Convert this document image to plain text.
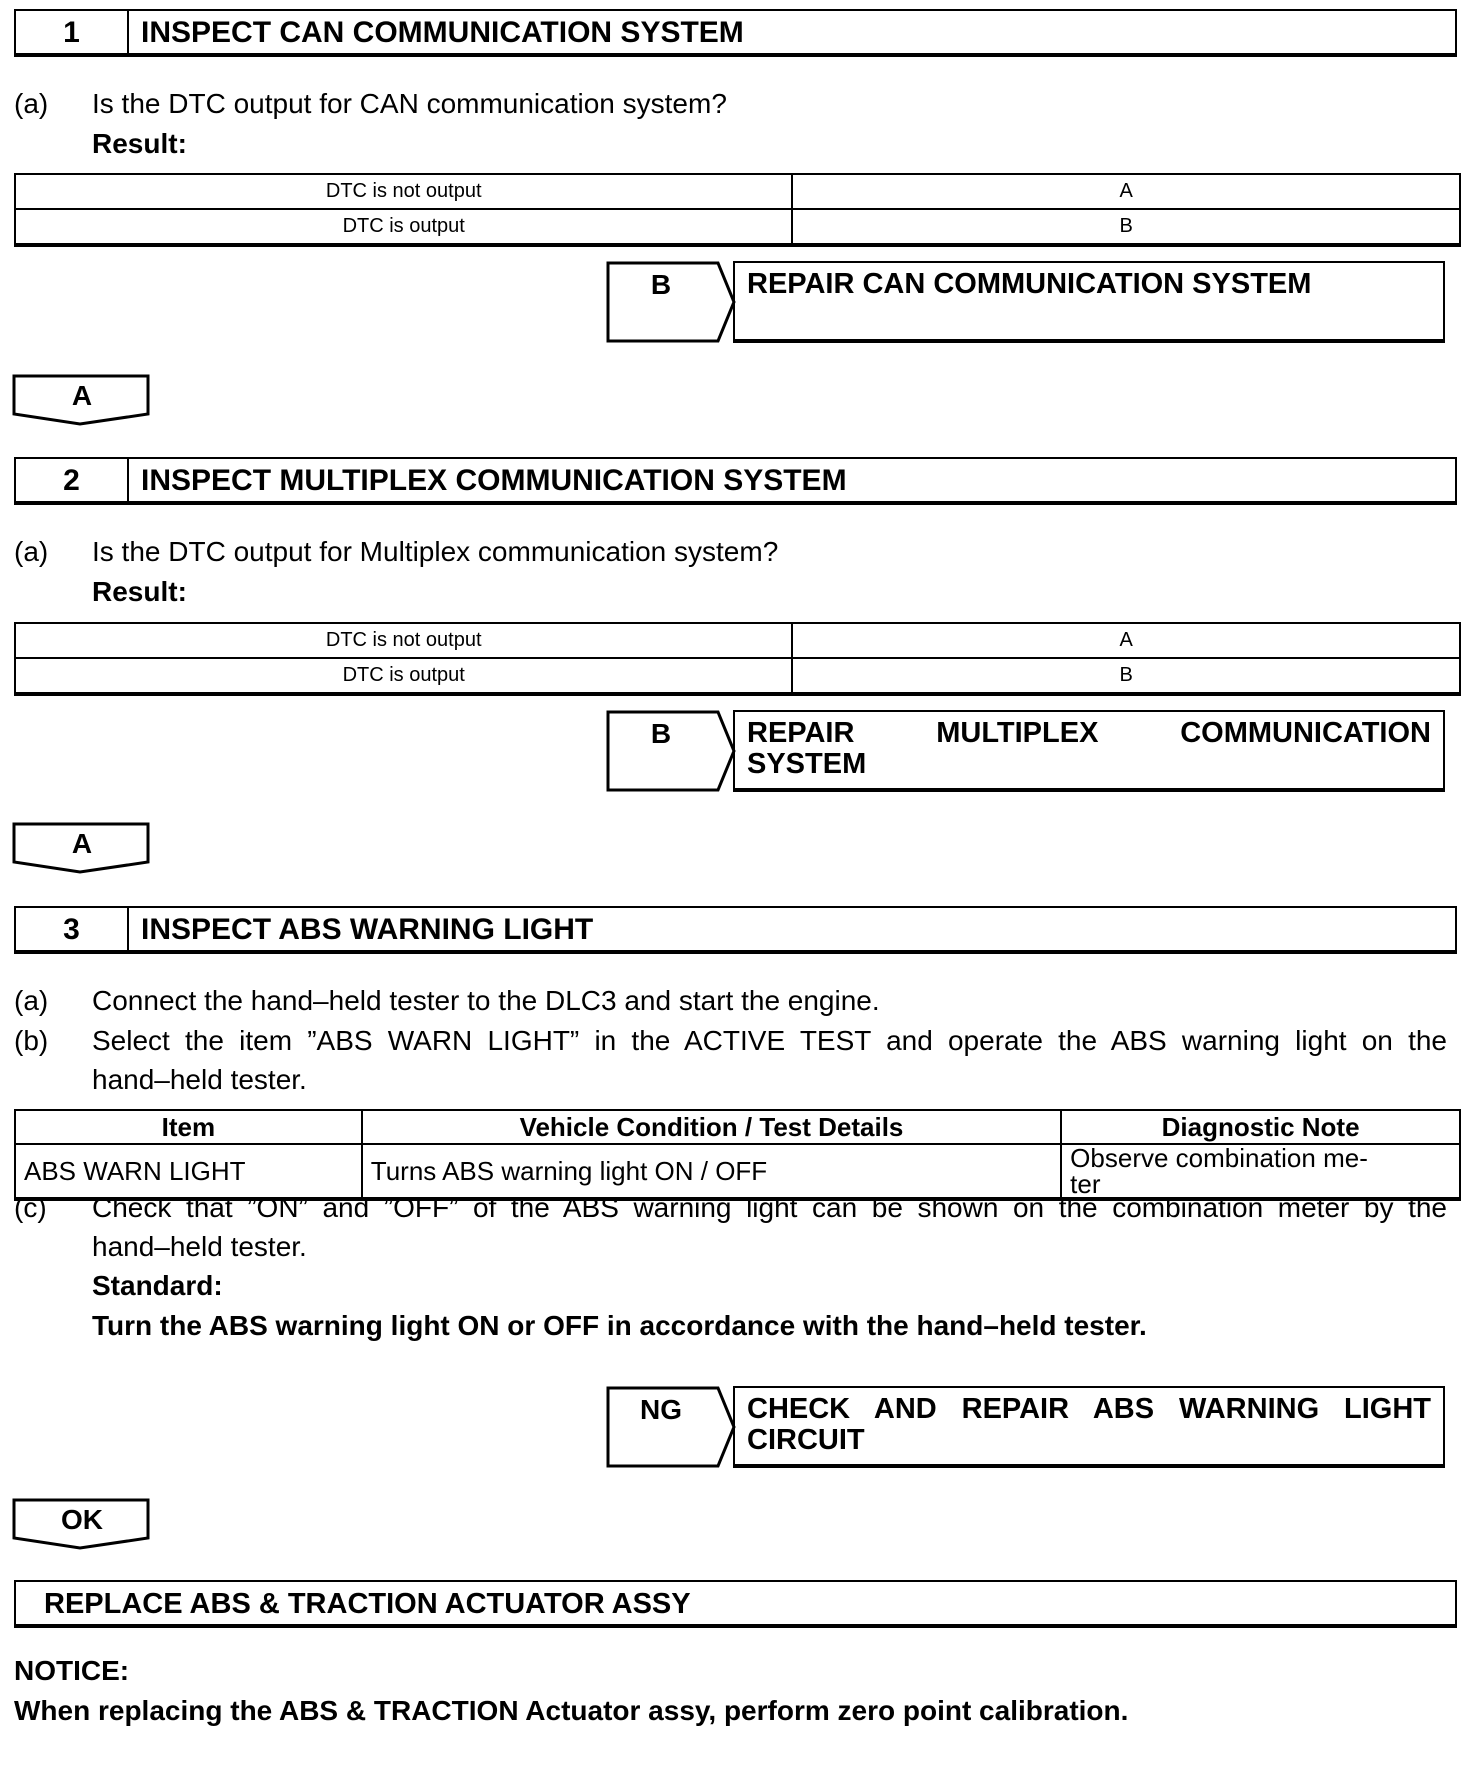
1	INSPECT CAN COMMUNICATION SYSTEM
(a) Is the DTC output for CAN communication system?
Result:
DTC is not output	A
DTC is output	B
B	REPAIR CAN COMMUNICATION SYSTEM
A
2	INSPECT MULTIPLEX COMMUNICATION SYSTEM
(a) Is the DTC output for Multiplex communication system?
Result:
DTC is not output	A
DTC is output	B
B	REPAIR MULTIPLEX COMMUNICATION
SYSTEM
A
3	INSPECT ABS WARNING LIGHT
(a) Connect the hand–held tester to the DLC3 and start the engine.
(b) Select the item ”ABS WARN LIGHT” in the ACTIVE TEST and operate the ABS warning light on the
hand–held tester.
Item	Vehicle Condition / Test Details	Diagnostic Note
ABS WARN LIGHT	Turns ABS warning light ON / OFF	Observe combination me-
ter
(c) Check that ”ON” and ”OFF” of the ABS warning light can be shown on the combination meter by the
hand–held tester.
Standard:
Turn the ABS warning light ON or OFF in accordance with the hand–held tester.
NG	CHECK AND REPAIR ABS WARNING LIGHT
CIRCUIT
OK
REPLACE ABS & TRACTION ACTUATOR ASSY
NOTICE:
When replacing the ABS & TRACTION Actuator assy, perform zero point calibration.
